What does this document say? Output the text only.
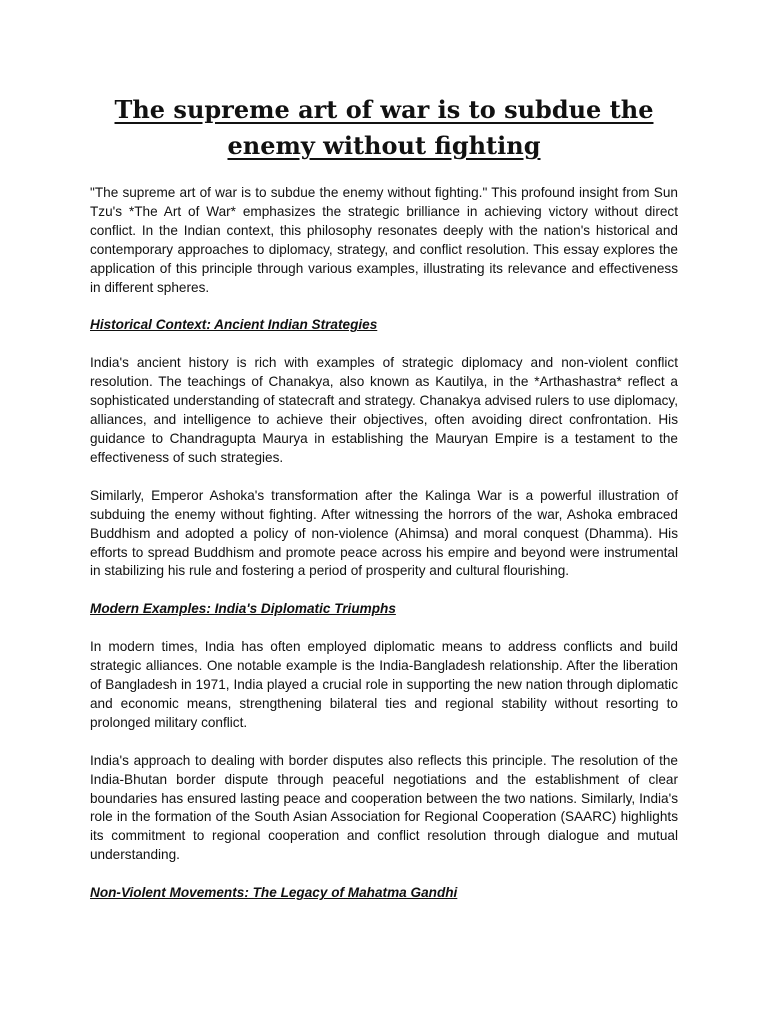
The supreme art of war is to subdue the enemy without fighting

"The supreme art of war is to subdue the enemy without fighting." This profound insight from Sun Tzu's *The Art of War* emphasizes the strategic brilliance in achieving victory without direct conflict. In the Indian context, this philosophy resonates deeply with the nation's historical and contemporary approaches to diplomacy, strategy, and conflict resolution. This essay explores the application of this principle through various examples, illustrating its relevance and effectiveness in different spheres.

Historical Context: Ancient Indian Strategies

India's ancient history is rich with examples of strategic diplomacy and non-violent conflict resolution. The teachings of Chanakya, also known as Kautilya, in the *Arthashastra* reflect a sophisticated understanding of statecraft and strategy. Chanakya advised rulers to use diplomacy, alliances, and intelligence to achieve their objectives, often avoiding direct confrontation. His guidance to Chandragupta Maurya in establishing the Mauryan Empire is a testament to the effectiveness of such strategies.

Similarly, Emperor Ashoka's transformation after the Kalinga War is a powerful illustration of subduing the enemy without fighting. After witnessing the horrors of the war, Ashoka embraced Buddhism and adopted a policy of non-violence (Ahimsa) and moral conquest (Dhamma). His efforts to spread Buddhism and promote peace across his empire and beyond were instrumental in stabilizing his rule and fostering a period of prosperity and cultural flourishing.

Modern Examples: India's Diplomatic Triumphs

In modern times, India has often employed diplomatic means to address conflicts and build strategic alliances. One notable example is the India-Bangladesh relationship. After the liberation of Bangladesh in 1971, India played a crucial role in supporting the new nation through diplomatic and economic means, strengthening bilateral ties and regional stability without resorting to prolonged military conflict.

India's approach to dealing with border disputes also reflects this principle. The resolution of the India-Bhutan border dispute through peaceful negotiations and the establishment of clear boundaries has ensured lasting peace and cooperation between the two nations. Similarly, India's role in the formation of the South Asian Association for Regional Cooperation (SAARC) highlights its commitment to regional cooperation and conflict resolution through dialogue and mutual understanding.

Non-Violent Movements: The Legacy of Mahatma Gandhi
